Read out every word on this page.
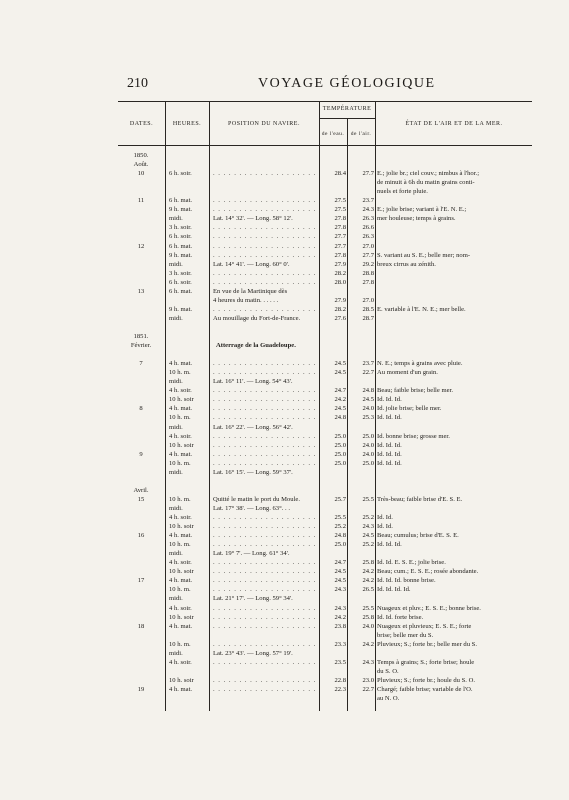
210	VOYAGE GÉOLOGIQUE
DATES.	HEURES.	POSITION DU NAVIRE.
TEMPÉRATURE
de l'eau.	de l'air.
ÉTAT DE L'AIR ET DE LA MER.
1850.
Août.
10	6 h. soir.	. . . . . . . . . . . . . . . . . . . .	28.4	27.7 E.; jolie br.; ciel couv.; nimbus à l'hor.;
de minuit à 6h du matin grains conti-
nuels et forte pluie.
11	6 h. mat.	. . . . . . . . . . . . . . . . . . . .	27.5	23.7
9 h. mat.	. . . . . . . . . . . . . . . . . . . .	27.5	24.3 E.; jolie brise; variant à l'E. N. E.;
midi.	Lat. 14° 32'. — Long. 58° 12'.	27.8	26.3 mer houleuse; temps à grains.
3 h. soir.	. . . . . . . . . . . . . . . . . . . .	27.8	26.6
6 h. soir.	. . . . . . . . . . . . . . . . . . . .	27.7	26.3
12	6 h. mat.	. . . . . . . . . . . . . . . . . . . .	27.7	27.0
9 h. mat.	. . . . . . . . . . . . . . . . . . . .	27.8	27.7 S. variant au S. E.; belle mer; nom-
midi.	Lat. 14° 41'. — Long. 60° 0'.	27.9	29.2 breux cirrus au zénith.
3 h. soir.	. . . . . . . . . . . . . . . . . . . .	28.2	28.8
6 h. soir.	. . . . . . . . . . . . . . . . . . . .	28.0	27.8
13	6 h. mat.	En vue de la Martinique dès
4 heures du matin. . . . . .	27.9	27.0
9 h. mat.	. . . . . . . . . . . . . . . . . . . .	28.2	28.5 E. variable à l'E. N. E.; mer belle.
midi.	Au mouillage du Fort-de-France.	27.6	28.7
1851.
Février.	Atterrage de la Guadeloupe.
7	4 h. mat.	. . . . . . . . . . . . . . . . . . . .	24.5	23.7 N. E.; temps à grains avec pluie.
10 h. m.	. . . . . . . . . . . . . . . . . . . .	24.5	22.7 Au moment d'un grain.
midi.	Lat. 16° 11'. — Long. 54° 43'.
4 h. soir.	. . . . . . . . . . . . . . . . . . . .	24.7	24.8 Beau; faible brise; belle mer.
10 h. soir	. . . . . . . . . . . . . . . . . . . .	24.2	24.5 Id. Id. Id.
8	4 h. mat.	. . . . . . . . . . . . . . . . . . . .	24.5	24.0 Id. jolie brise; belle mer.
10 h. m.	. . . . . . . . . . . . . . . . . . . .	24.8	25.3 Id. Id. Id.
midi.	Lat. 16° 22'. — Long. 56° 42'.
4 h. soir.	. . . . . . . . . . . . . . . . . . . .	25.0	25.0 Id. bonne brise; grosse mer.
10 h. soir	. . . . . . . . . . . . . . . . . . . .	25.0	24.0 Id. Id. Id.
9	4 h. mat.	. . . . . . . . . . . . . . . . . . . .	25.0	24.0 Id. Id. Id.
10 h. m.	. . . . . . . . . . . . . . . . . . . .	25.0	25.0 Id. Id. Id.
midi.	Lat. 16° 15'. — Long. 59° 37'.
Avril.
15	10 h. m.	Quitté le matin le port du Moule.	25.7	25.5 Très-beau; faible brise d'E. S. E.
midi.	Lat. 17° 38'. — Long. 63°. . .
4 h. soir.	. . . . . . . . . . . . . . . . . . . .	25.5	25.2 Id. Id.
10 h. soir	. . . . . . . . . . . . . . . . . . . .	25.2	24.3 Id. Id.
16	4 h. mat.	. . . . . . . . . . . . . . . . . . . .	24.8	24.5 Beau; cumulus; brise d'E. S. E.
10 h. m.	. . . . . . . . . . . . . . . . . . . .	25.0	25.2 Id. Id. Id.
midi.	Lat. 19° 7'. — Long. 61° 34'.
4 h. soir.	. . . . . . . . . . . . . . . . . . . .	24.7	25.8 Id. Id. E. S. E.; jolie brise.
10 h. soir	. . . . . . . . . . . . . . . . . . . .	24.5	24.2 Beau; cum.; E. S. E.; rosée abondante.
17	4 h. mat.	. . . . . . . . . . . . . . . . . . . .	24.5	24.2 Id. Id. Id. bonne brise.
10 h. m.	. . . . . . . . . . . . . . . . . . . .	24.3	26.5 Id. Id. Id. Id.
midi.	Lat. 21° 17'. — Long. 59° 34'.
4 h. soir.	. . . . . . . . . . . . . . . . . . . .	24.3	25.5 Nuageux et pluv.; E. S. E.; bonne brise.
10 h. soir	. . . . . . . . . . . . . . . . . . . .	24.2	25.8 Id. Id. forte brise.
18	4 h. mat.	. . . . . . . . . . . . . . . . . . . .	23.8	24.0 Nuageux et pluvieux; E. S. E.; forte
brise; belle mer du S.
10 h. m.	. . . . . . . . . . . . . . . . . . . .	23.3	24.2 Pluvieux; S.; forte br.; belle mer du S.
midi.	Lat. 23° 43'. — Long. 57° 19'.
4 h. soir.	. . . . . . . . . . . . . . . . . . . .	23.5	24.3 Temps à grains; S.; forte brise; houle
du S. O.
10 h. soir	. . . . . . . . . . . . . . . . . . . .	22.8	23.0 Pluvieux; S.; forte br.; houle du S. O.
19	4 h. mat.	. . . . . . . . . . . . . . . . . . . .	22.3	22.7 Chargé; faible brise; variable de l'O.
au N. O.
